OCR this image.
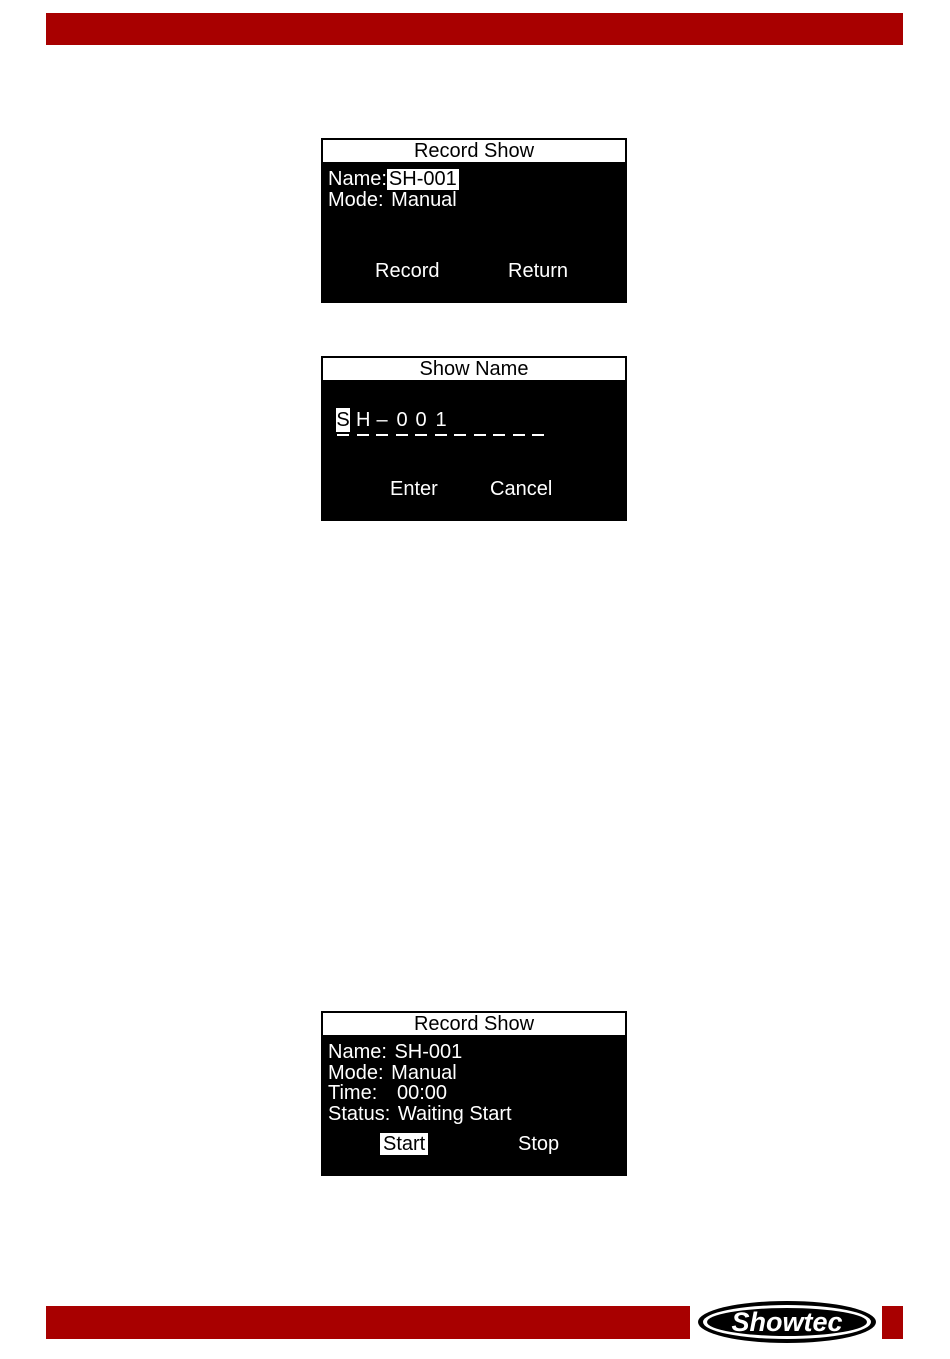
Record Show
Name: SH-001
Mode: Manual
Record	Return
Show Name
S H – 0 0 1
Enter	Cancel
Record Show
Name: SH-001
Mode: Manual
Time: 00:00
Status: Waiting Start
Start	Stop
Showtec
